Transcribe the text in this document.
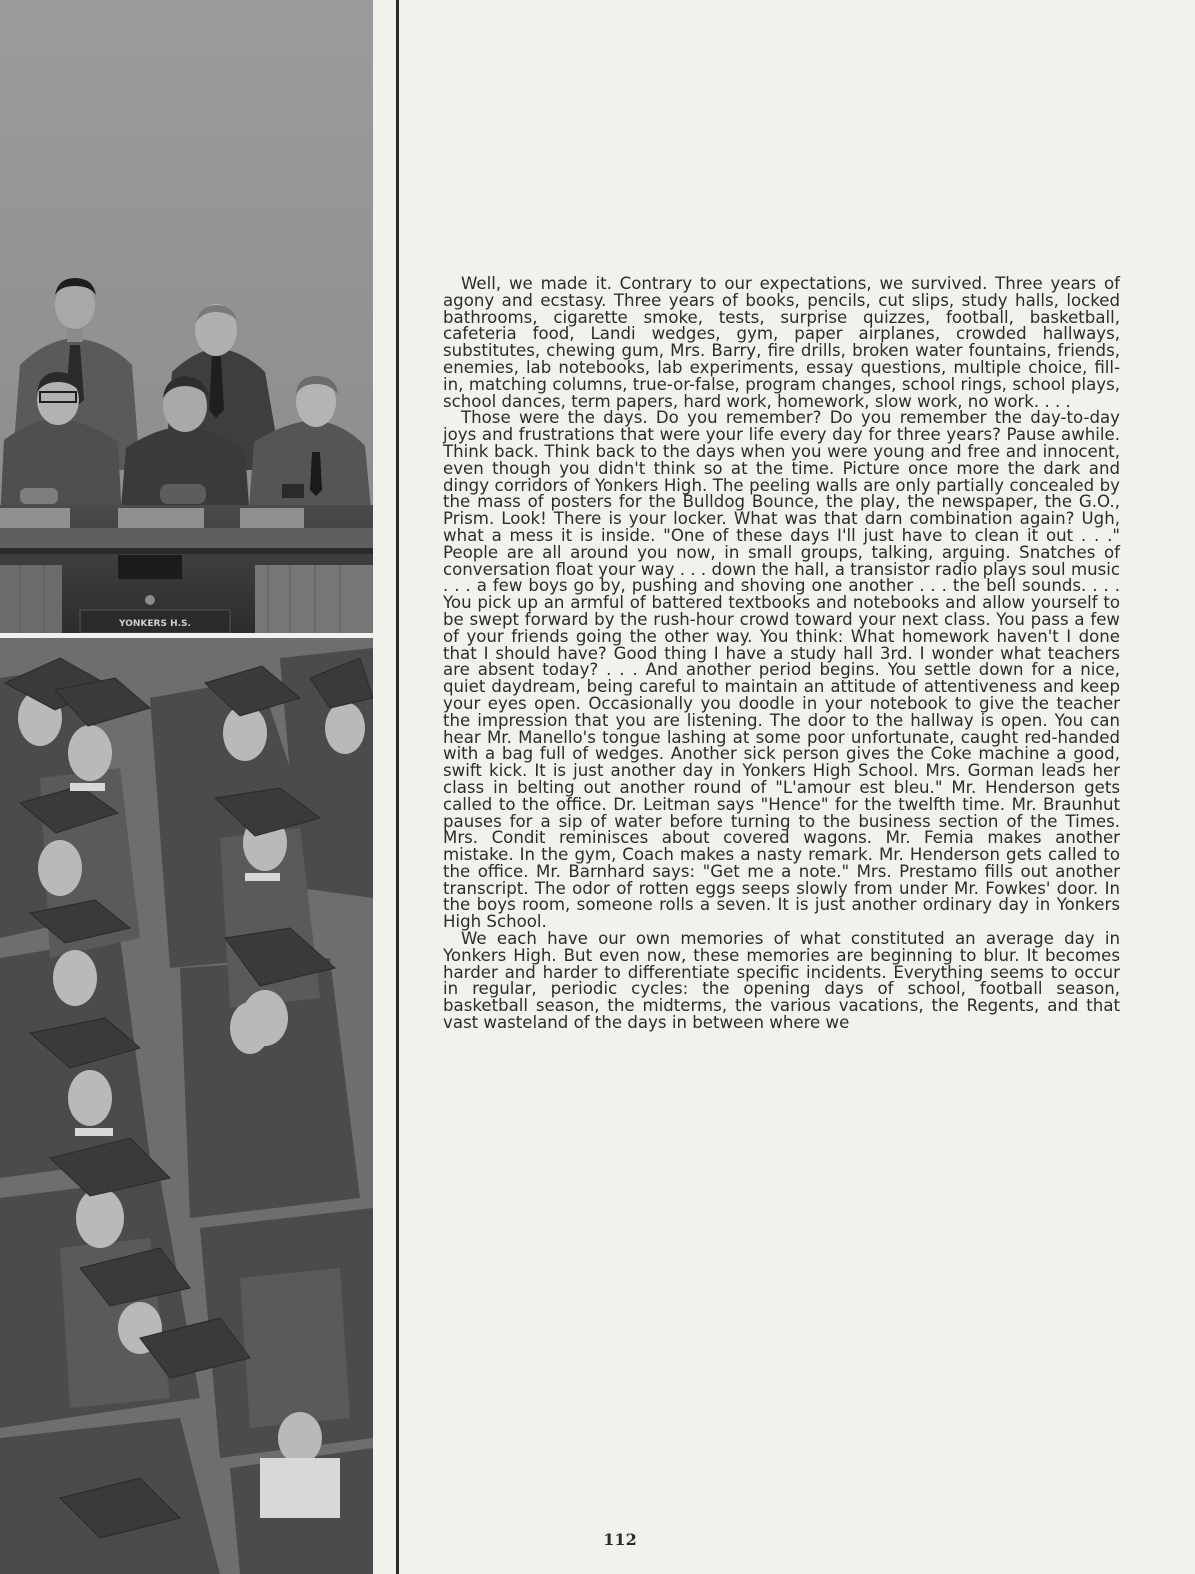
YONKERS H.S.

Well, we made it. Contrary to our expectations, we survived. Three years of agony and ecstasy. Three years of books, pencils, cut slips, study halls, locked bathrooms, cigarette smoke, tests, surprise quizzes, football, basketball, cafeteria food, Landi wedges, gym, paper airplanes, crowded hallways, substitutes, chewing gum, Mrs. Barry, fire drills, broken water fountains, friends, enemies, lab notebooks, lab experiments, essay questions, multiple choice, fill-in, matching columns, true-or-false, program changes, school rings, school plays, school dances, term papers, hard work, homework, slow work, no work. . . .

Those were the days. Do you remember? Do you remember the day-to-day joys and frustrations that were your life every day for three years? Pause awhile. Think back. Think back to the days when you were young and free and innocent, even though you didn't think so at the time. Picture once more the dark and dingy corridors of Yonkers High. The peeling walls are only partially concealed by the mass of posters for the Bulldog Bounce, the play, the newspaper, the G.O., Prism. Look! There is your locker. What was that darn combination again? Ugh, what a mess it is inside. "One of these days I'll just have to clean it out . . ." People are all around you now, in small groups, talking, arguing. Snatches of conversation float your way . . . down the hall, a transistor radio plays soul music . . . a few boys go by, pushing and shoving one another . . . the bell sounds. . . . You pick up an armful of battered textbooks and notebooks and allow yourself to be swept forward by the rush-hour crowd toward your next class. You pass a few of your friends going the other way. You think: What homework haven't I done that I should have? Good thing I have a study hall 3rd. I wonder what teachers are absent today? . . . And another period begins. You settle down for a nice, quiet daydream, being careful to maintain an attitude of attentiveness and keep your eyes open. Occasionally you doodle in your notebook to give the teacher the impression that you are listening. The door to the hallway is open. You can hear Mr. Manello's tongue lashing at some poor unfortunate, caught red-handed with a bag full of wedges. Another sick person gives the Coke machine a good, swift kick. It is just another day in Yonkers High School. Mrs. Gorman leads her class in belting out another round of "L'amour est bleu." Mr. Henderson gets called to the office. Dr. Leitman says "Hence" for the twelfth time. Mr. Braunhut pauses for a sip of water before turning to the business section of the Times. Mrs. Condit reminisces about covered wagons. Mr. Femia makes another mistake. In the gym, Coach makes a nasty remark. Mr. Henderson gets called to the office. Mr. Barnhard says: "Get me a note." Mrs. Prestamo fills out another transcript. The odor of rotten eggs seeps slowly from under Mr. Fowkes' door. In the boys room, someone rolls a seven. It is just another ordinary day in Yonkers High School.

We each have our own memories of what constituted an average day in Yonkers High. But even now, these memories are beginning to blur. It becomes harder and harder to differentiate specific incidents. Everything seems to occur in regular, periodic cycles: the opening days of school, football season, basketball season, the midterms, the various vacations, the Regents, and that vast wasteland of the days in between where we

112
